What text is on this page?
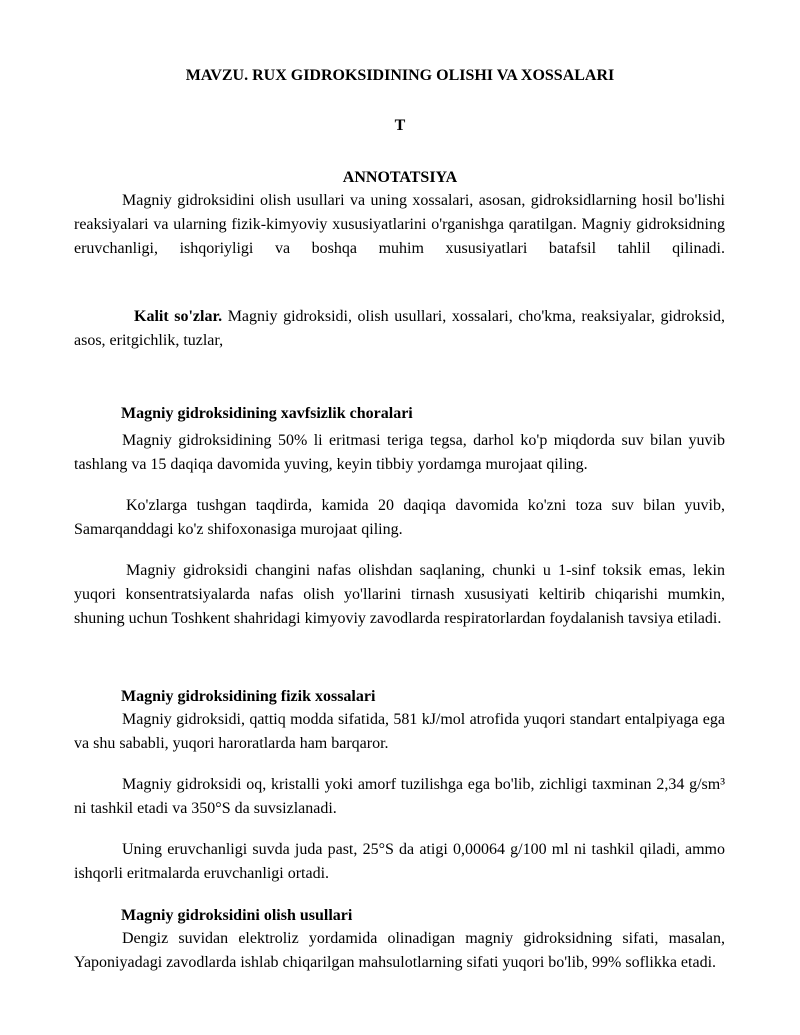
MAVZU. RUX GIDROKSIDINING OLISHI VA XOSSALARI
T
ANNOTATSIYA

Magniy gidroksidini olish usullari va uning xossalari, asosan, gidroksidlarning hosil bo'lishi reaksiyalari va ularning fizik-kimyoviy xususiyatlarini o'rganishga qaratilgan. Magniy gidroksidning eruvchanligi, ishqoriyligi va boshqa muhim xususiyatlari batafsil tahlil qilinadi.

Kalit so'zlar. Magniy gidroksidi, olish usullari, xossalari, cho'kma, reaksiyalar, gidroksid, asos, eritgichlik, tuzlar,

Magniy gidroksidining xavfsizlik choralari

Magniy gidroksidining 50% li eritmasi teriga tegsa, darhol ko'p miqdorda suv bilan yuvib tashlang va 15 daqiqa davomida yuving, keyin tibbiy yordamga murojaat qiling.

Ko'zlarga tushgan taqdirda, kamida 20 daqiqa davomida ko'zni toza suv bilan yuvib, Samarqanddagi ko'z shifoxonasiga murojaat qiling.

Magniy gidroksidi changini nafas olishdan saqlaning, chunki u 1-sinf toksik emas, lekin yuqori konsentratsiyalarda nafas olish yo'llarini tirnash xususiyati keltirib chiqarishi mumkin, shuning uchun Toshkent shahridagi kimyoviy zavodlarda respiratorlardan foydalanish tavsiya etiladi.

Magniy gidroksidining fizik xossalari

Magniy gidroksidi, qattiq modda sifatida, 581 kJ/mol atrofida yuqori standart entalpiyaga ega va shu sababli, yuqori haroratlarda ham barqaror.

Magniy gidroksidi oq, kristalli yoki amorf tuzilishga ega bo'lib, zichligi taxminan 2,34 g/sm³ ni tashkil etadi va 350°S da suvsizlanadi.

Uning eruvchanligi suvda juda past, 25°S da atigi 0,00064 g/100 ml ni tashkil qiladi, ammo ishqorli eritmalarda eruvchanligi ortadi.

Magniy gidroksidini olish usullari

Dengiz suvidan elektroliz yordamida olinadigan magniy gidroksidning sifati, masalan, Yaponiyadagi zavodlarda ishlab chiqarilgan mahsulotlarning sifati yuqori bo'lib, 99% soflikka etadi.
